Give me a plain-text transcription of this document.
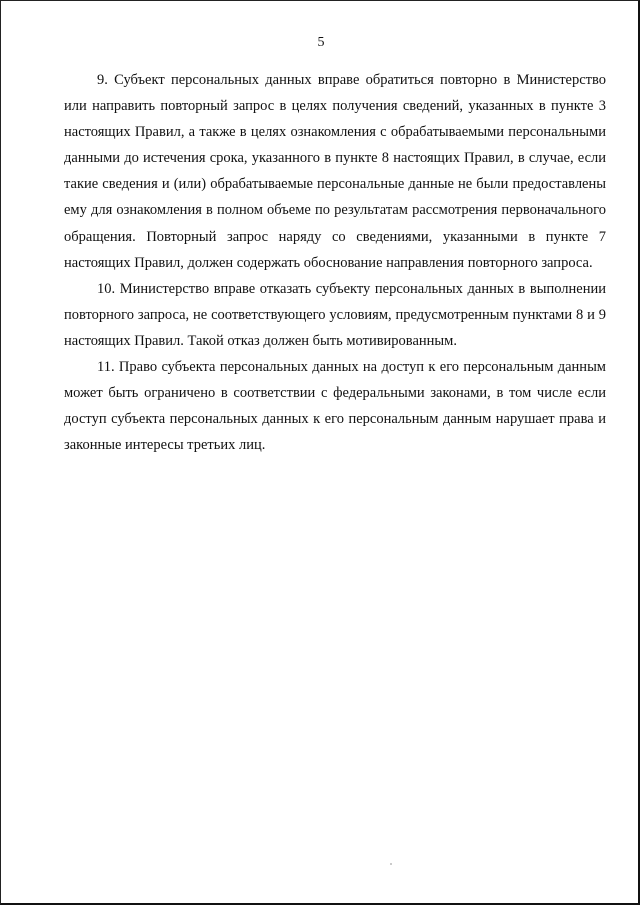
5

9. Субъект персональных данных вправе обратиться повторно в Министерство или направить повторный запрос в целях получения сведений, указанных в пункте 3 настоящих Правил, а также в целях ознакомления с обрабатываемыми персональными данными до истечения срока, указанного в пункте 8 настоящих Правил, в случае, если такие сведения и (или) обрабатываемые персональные данные не были предоставлены ему для ознакомления в полном объеме по результатам рассмотрения первоначального обращения. Повторный запрос наряду со сведениями, указанными в пункте 7 настоящих Правил, должен содержать обоснование направления повторного запроса.

10. Министерство вправе отказать субъекту персональных данных в выполнении повторного запроса, не соответствующего условиям, предусмотренным пунктами 8 и 9 настоящих Правил. Такой отказ должен быть мотивированным.

11. Право субъекта персональных данных на доступ к его персональным данным может быть ограничено в соответствии с федеральными законами, в том числе если доступ субъекта персональных данных к его персональным данным нарушает права и законные интересы третьих лиц.
